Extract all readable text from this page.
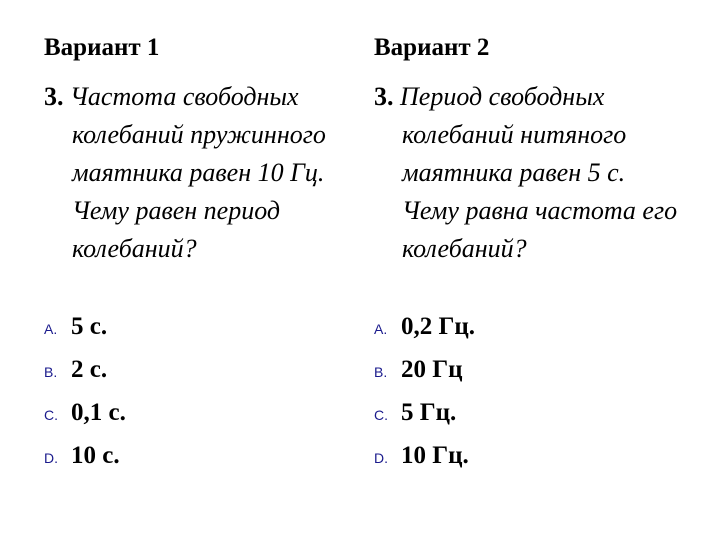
Вариант 1
3. Частота свободных
колебаний пружинного
маятника равен 10 Гц.
Чему равен период
колебаний?
A. 5 с.
B. 2 с.
C. 0,1 с.
D. 10 с.
Вариант 2
3. Период свободных
колебаний нитяного
маятника равен 5 с.
Чему равна частота его
колебаний?
A. 0,2 Гц.
B. 20 Гц
C. 5 Гц.
D. 10 Гц.
